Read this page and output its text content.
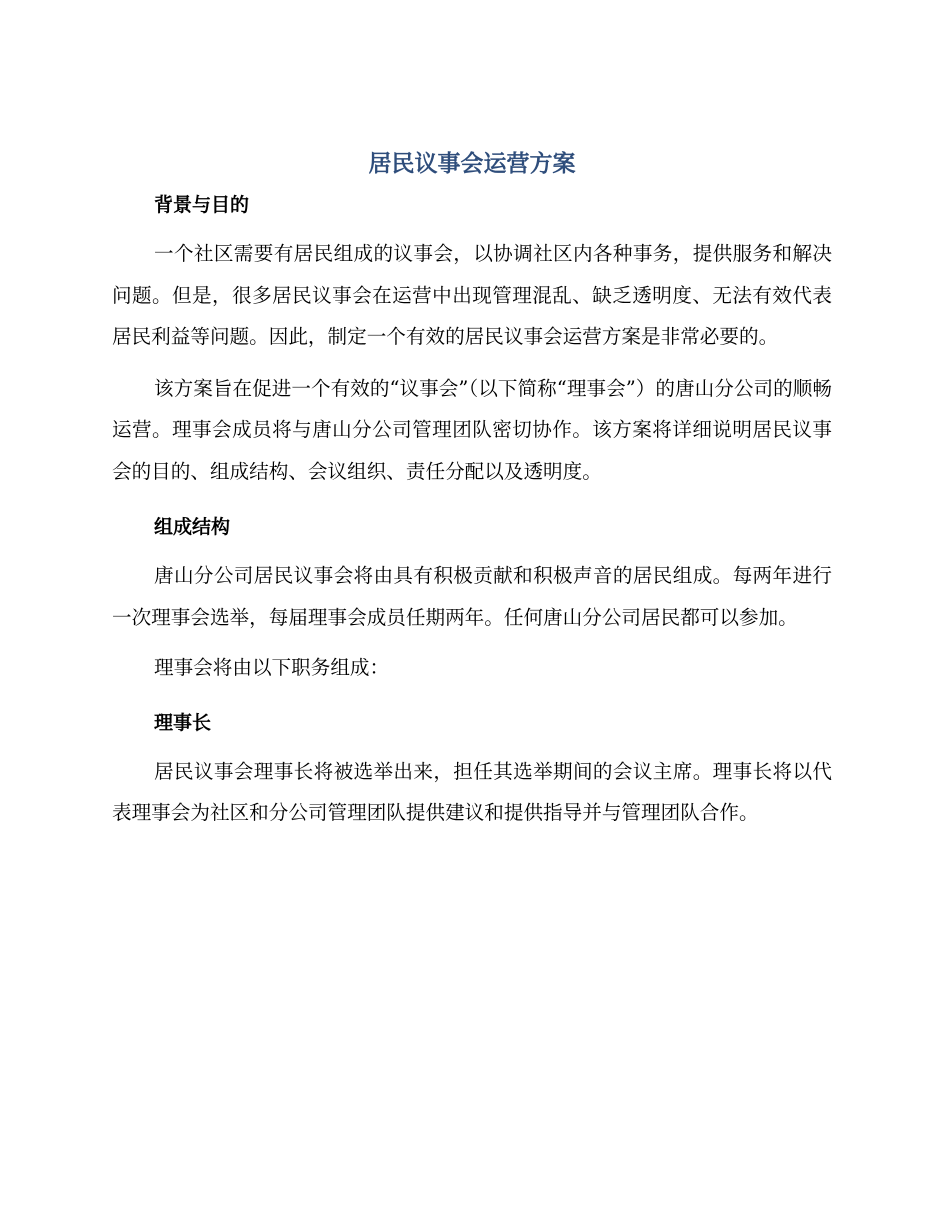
居民议事会运营方案
背景与目的

一个社区需要有居民组成的议事会，以协调社区内各种事务，提供服务和解决问题。但是，很多居民议事会在运营中出现管理混乱、缺乏透明度、无法有效代表居民利益等问题。因此，制定一个有效的居民议事会运营方案是非常必要的。

该方案旨在促进一个有效的“议事会”（以下简称“理事会”）的唐山分公司的顺畅运营。理事会成员将与唐山分公司管理团队密切协作。该方案将详细说明居民议事会的目的、组成结构、会议组织、责任分配以及透明度。

组成结构

唐山分公司居民议事会将由具有积极贡献和积极声音的居民组成。每两年进行一次理事会选举，每届理事会成员任期两年。任何唐山分公司居民都可以参加。

理事会将由以下职务组成：

理事长

居民议事会理事长将被选举出来，担任其选举期间的会议主席。理事长将以代表理事会为社区和分公司管理团队提供建议和提供指导并与管理团队合作。
